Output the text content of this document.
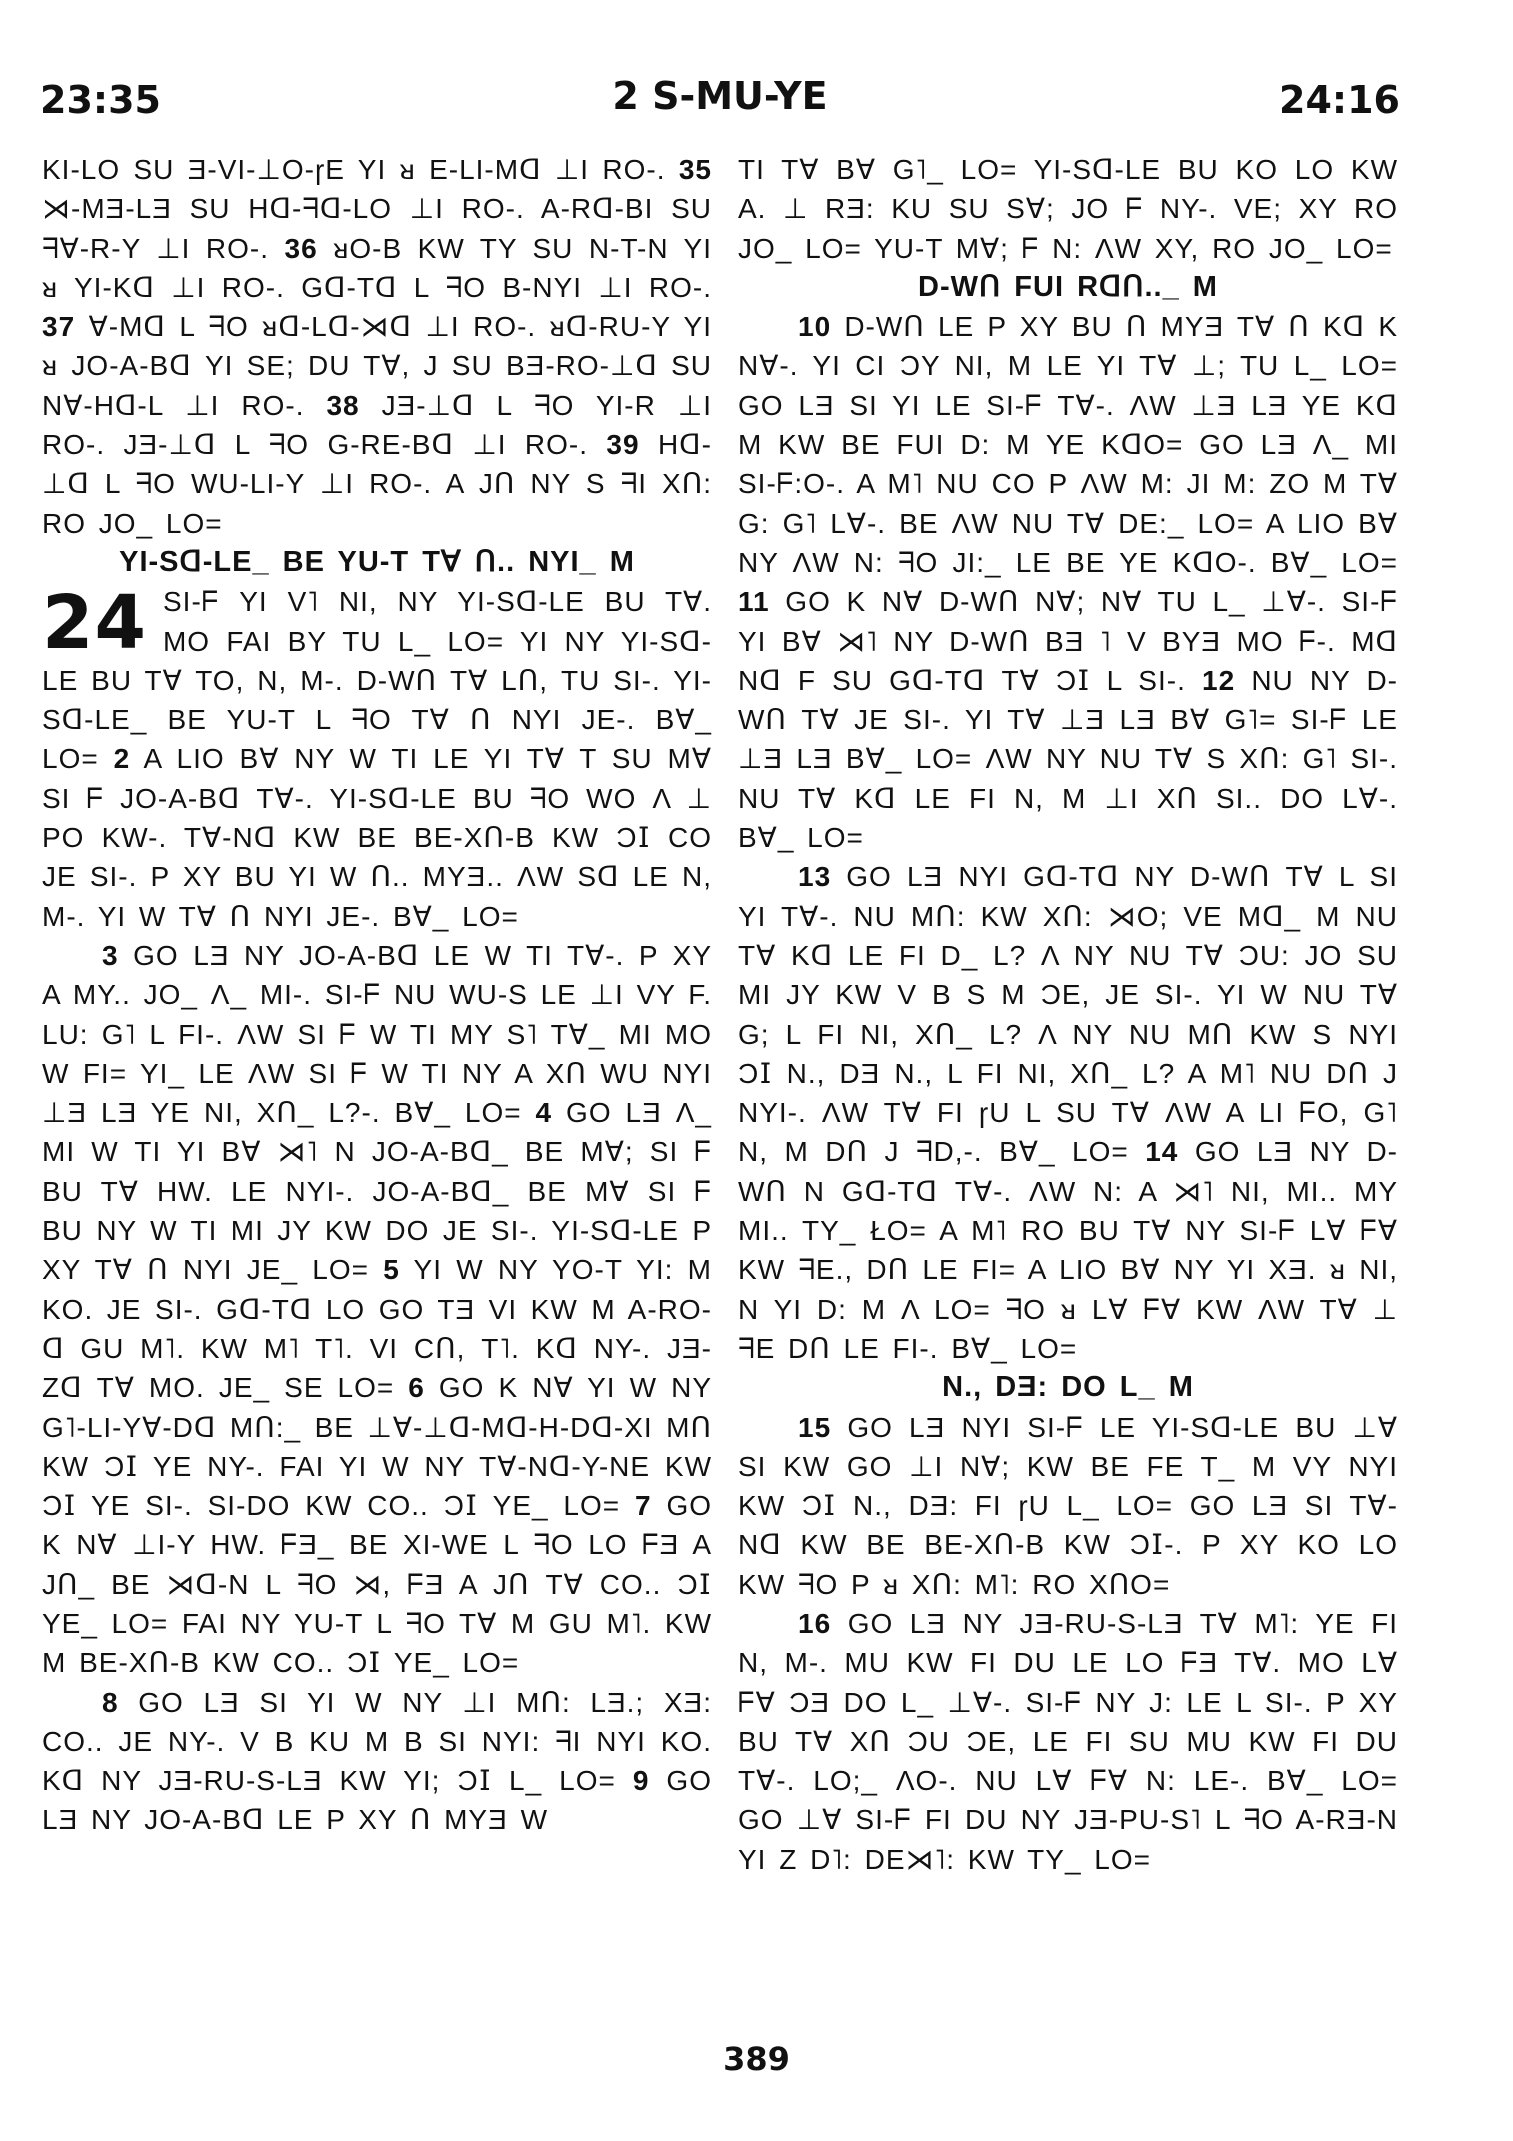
23:35	2 S-MU-YE	24:16

KI-LO SU Ǝ-VI-⊥O-ɼE YI ᴚ E-LI-Mᗡ ⊥I RO-. 35 ⋊-MƎ-LƎ SU Hᗡ-ᖷᗡ-LO ⊥I RO-. A-Rᗡ-BI SU ᖷⱯ-R-Y ⊥I RO-. 36 ᴚO-B KW TY SU N-T-N YI ᴚ YI-Kᗡ ⊥I RO-. Gᗡ-Tᗡ L ᖷO B-NYI ⊥I RO-. 37 Ɐ-Mᗡ L ᖷO ᴚᗡ-Lᗡ-⋊ᗡ ⊥I RO-. ᴚᗡ-RU-Y YI ᴚ JO-A-Bᗡ YI SE; DU TⱯ, J SU BƎ-RO-⊥ᗡ SU NⱯ-Hᗡ-L ⊥I RO-. 38 JƎ-⊥ᗡ L ᖷO YI-R ⊥I RO-. JƎ-⊥ᗡ L ᖷO G-RE-Bᗡ ⊥I RO-. 39 Hᗡ-⊥ᗡ L ᖷO WU-LI-Y ⊥I RO-. A Jᑎ NY S ᖷI Xᑎ: RO JO_ LO=

YI-Sᗡ-LE_ BE YU-T TⱯ ᑎ.. NYI_ M

24 SI-ᖴ YI V˥ NI, NY YI-Sᗡ-LE BU TⱯ. MO FAI BY TU L_ LO= YI NY YI-Sᗡ-LE BU TⱯ TO, N, M-. D-Wᑎ TⱯ Lᑎ, TU SI-. YI-Sᗡ-LE_ BE YU-T L ᖷO TⱯ ᑎ NYI JE-. BⱯ_ LO= 2 A LIO BⱯ NY W TI LE YI TⱯ T SU MⱯ SI ᖴ JO-A-Bᗡ TⱯ-. YI-Sᗡ-LE BU ᖷO WO Λ ⊥ PO KW-. TⱯ-Nᗡ KW BE BE-Xᑎ-B KW Ɔ𝖨 CO JE SI-. P XY BU YI W ᑎ.. MYƎ.. ΛW Sᗡ LE N, M-. YI W TⱯ ᑎ NYI JE-. BⱯ_ LO=

3 GO LƎ NY JO-A-Bᗡ LE W TI TⱯ-. P XY A MY.. JO_ Λ_ MI-. SI-ᖴ NU WU-S LE ⊥I VY F. LU: G˥ L FI-. ΛW SI ᖴ W TI MY S˥ TⱯ_ MI MO W FI= YI_ LE ΛW SI ᖴ W TI NY A Xᑎ WU NYI ⊥Ǝ LƎ YE NI, Xᑎ_ L?-. BⱯ_ LO= 4 GO LƎ Λ_ MI W TI YI BⱯ ⋊˥ N JO-A-Bᗡ_ BE MⱯ; SI ᖴ BU TⱯ HW. LE NYI-. JO-A-Bᗡ_ BE MⱯ SI ᖴ BU NY W TI MI JY KW DO JE SI-. YI-Sᗡ-LE P XY TⱯ ᑎ NYI JE_ LO= 5 YI W NY YO-T YI: M KO. JE SI-. Gᗡ-Tᗡ LO GO TƎ VI KW M A-RO-ᗡ GU M˥. KW M˥ T˥. VI Cᑎ, T˥. Kᗡ NY-. JƎ-Zᗡ TⱯ MO. JE_ SE LO= 6 GO K NⱯ YI W NY G˥-LI-YⱯ-Dᗡ Mᑎ:_ BE ⊥Ɐ-⊥ᗡ-Mᗡ-H-Dᗡ-XI Mᑎ KW Ɔ𝖨 YE NY-. FAI YI W NY TⱯ-Nᗡ-Y-NE KW Ɔ𝖨 YE SI-. SI-DO KW CO.. Ɔ𝖨 YE_ LO= 7 GO K NⱯ ⊥I-Y HW. ᖴƎ_ BE XI-WE L ᖷO LO ᖴƎ A Jᑎ_ BE ⋊ᗡ-N L ᖷO ⋊, ᖴƎ A Jᑎ TⱯ CO.. Ɔ𝖨 YE_ LO= FAI NY YU-T L ᖷO TⱯ M GU M˥. KW M BE-Xᑎ-B KW CO.. Ɔ𝖨 YE_ LO=

8 GO LƎ SI YI W NY ⊥I Mᑎ: LƎ.; XƎ: CO.. JE NY-. V B KU M B SI NYI: ᖷI NYI KO. Kᗡ NY JƎ-RU-S-LƎ KW YI; Ɔ𝖨 L_ LO= 9 GO LƎ NY JO-A-Bᗡ LE P XY ᑎ MYƎ W

TI TⱯ BⱯ G˥_ LO= YI-Sᗡ-LE BU KO LO KW A. ⊥ RƎ: KU SU SⱯ; JO ᖴ NY-. VE; XY RO JO_ LO= YU-T MⱯ; ᖴ N: ΛW XY, RO JO_ LO=

D-Wᑎ FUI Rᗡᑎ.._ M

10 D-Wᑎ LE P XY BU ᑎ MYƎ TⱯ ᑎ Kᗡ K NⱯ-. YI CI ƆY NI, M LE YI TⱯ ⊥; TU L_ LO= GO LƎ SI YI LE SI-ᖴ TⱯ-. ΛW ⊥Ǝ LƎ YE Kᗡ M KW BE FUI D: M YE KᗡO= GO LƎ Λ_ MI SI-ᖴ:O-. A M˥ NU CO P ΛW M: JI M: ZO M TⱯ G: G˥ LⱯ-. BE ΛW NU TⱯ DE:_ LO= A LIO BⱯ NY ΛW N: ᖷO JI:_ LE BE YE KᗡO-. BⱯ_ LO= 11 GO K NⱯ D-Wᑎ NⱯ; NⱯ TU L_ ⊥Ɐ-. SI-ᖴ YI BⱯ ⋊˥ NY D-Wᑎ BƎ ˥ V BYƎ MO ᖴ-. Mᗡ Nᗡ F SU Gᗡ-Tᗡ TⱯ Ɔ𝖨 L SI-. 12 NU NY D-Wᑎ TⱯ JE SI-. YI TⱯ ⊥Ǝ LƎ BⱯ G˥= SI-ᖴ LE ⊥Ǝ LƎ BⱯ_ LO= ΛW NY NU TⱯ S Xᑎ: G˥ SI-. NU TⱯ Kᗡ LE FI N, M ⊥I Xᑎ SI.. DO LⱯ-. BⱯ_ LO=

13 GO LƎ NYI Gᗡ-Tᗡ NY D-Wᑎ TⱯ L SI YI TⱯ-. NU Mᑎ: KW Xᑎ: ⋊O; VE Mᗡ_ M NU TⱯ Kᗡ LE FI D_ L? Λ NY NU TⱯ ƆU: JO SU MI JY KW V B S M ƆE, JE SI-. YI W NU TⱯ G; L FI NI, Xᑎ_ L? Λ NY NU Mᑎ KW S NYI Ɔ𝖨 N., DƎ N., L FI NI, Xᑎ_ L? A M˥ NU Dᑎ J NYI-. ΛW TⱯ FI ɼU L SU TⱯ ΛW A LI ᖴO, G˥ N, M Dᑎ J ᖷD,-. BⱯ_ LO= 14 GO LƎ NY D-Wᑎ N Gᗡ-Tᗡ TⱯ-. ΛW N: A ⋊˥ NI, MI.. MY MI.. TY_ ŁO= A M˥ RO BU TⱯ NY SI-ᖴ LⱯ ᖴⱯ KW ᖷE., Dᑎ LE FI= A LIO BⱯ NY YI XƎ. ᴚ NI, N YI D: M Λ LO= ᖷO ᴚ LⱯ ᖴⱯ KW ΛW TⱯ ⊥ ᖷE Dᑎ LE FI-. BⱯ_ LO=

N., DƎ: DO L_ M

15 GO LƎ NYI SI-ᖴ LE YI-Sᗡ-LE BU ⊥Ɐ SI KW GO ⊥I NⱯ; KW BE FE T_ M VY NYI KW Ɔ𝖨 N., DƎ: FI ɼU L_ LO= GO LƎ SI TⱯ-Nᗡ KW BE BE-Xᑎ-B KW Ɔ𝖨-. P XY KO LO KW ᖷO P ᴚ Xᑎ: M˥: RO XᑎO=

16 GO LƎ NY JƎ-RU-S-LƎ TⱯ M˥: YE FI N, M-. MU KW FI DU LE LO ᖴƎ TⱯ. MO LⱯ ᖴⱯ ƆƎ DO L_ ⊥Ɐ-. SI-ᖴ NY J: LE L SI-. P XY BU TⱯ Xᑎ ƆU ƆE, LE FI SU MU KW FI DU TⱯ-. LO;_ ΛO-. NU LⱯ ᖴⱯ N: LE-. BⱯ_ LO= GO ⊥Ɐ SI-ᖴ FI DU NY JƎ-PU-S˥ L ᖷO A-RƎ-N YI Z D˥: DE⋊˥: KW TY_ LO=

389
